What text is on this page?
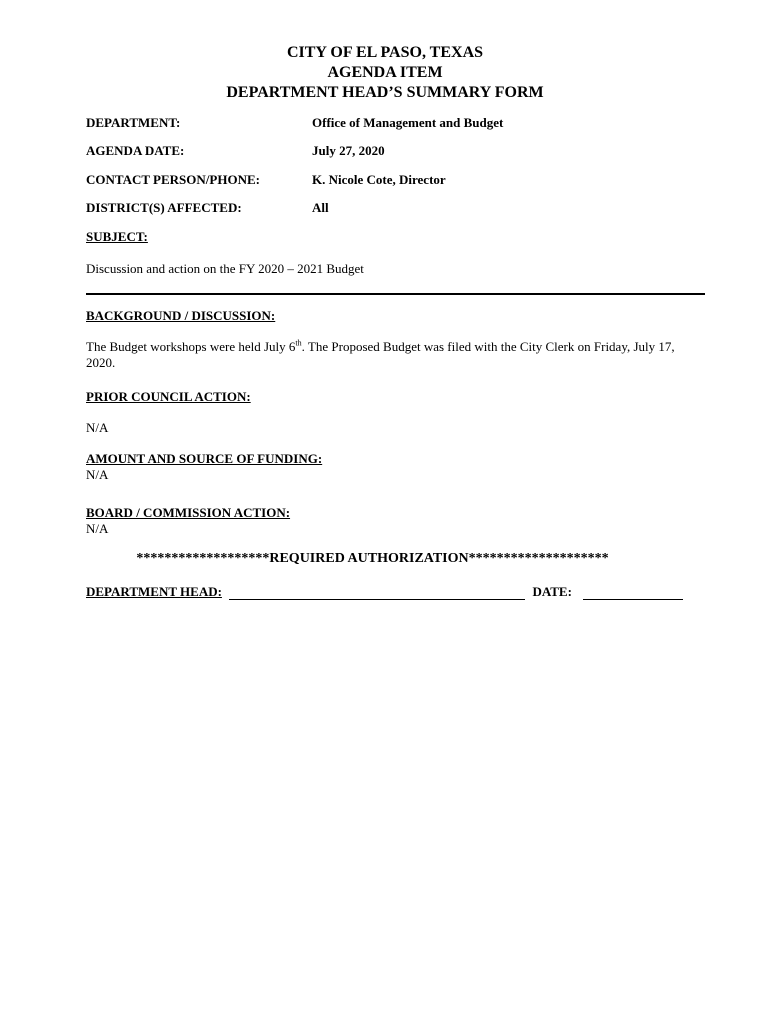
CITY OF EL PASO, TEXAS
AGENDA ITEM
DEPARTMENT HEAD’S SUMMARY FORM
DEPARTMENT:	Office of Management and Budget
AGENDA DATE:	July 27, 2020
CONTACT PERSON/PHONE:	K. Nicole Cote, Director
DISTRICT(S) AFFECTED:	All
SUBJECT:
Discussion and action on the FY 2020 – 2021 Budget
BACKGROUND / DISCUSSION:
The Budget workshops were held July 6th. The Proposed Budget was filed with the City Clerk on Friday, July 17, 2020.
PRIOR COUNCIL ACTION:
N/A
AMOUNT AND SOURCE OF FUNDING:
N/A
BOARD / COMMISSION ACTION:
N/A
*******************REQUIRED AUTHORIZATION********************
DEPARTMENT HEAD:	DATE:
